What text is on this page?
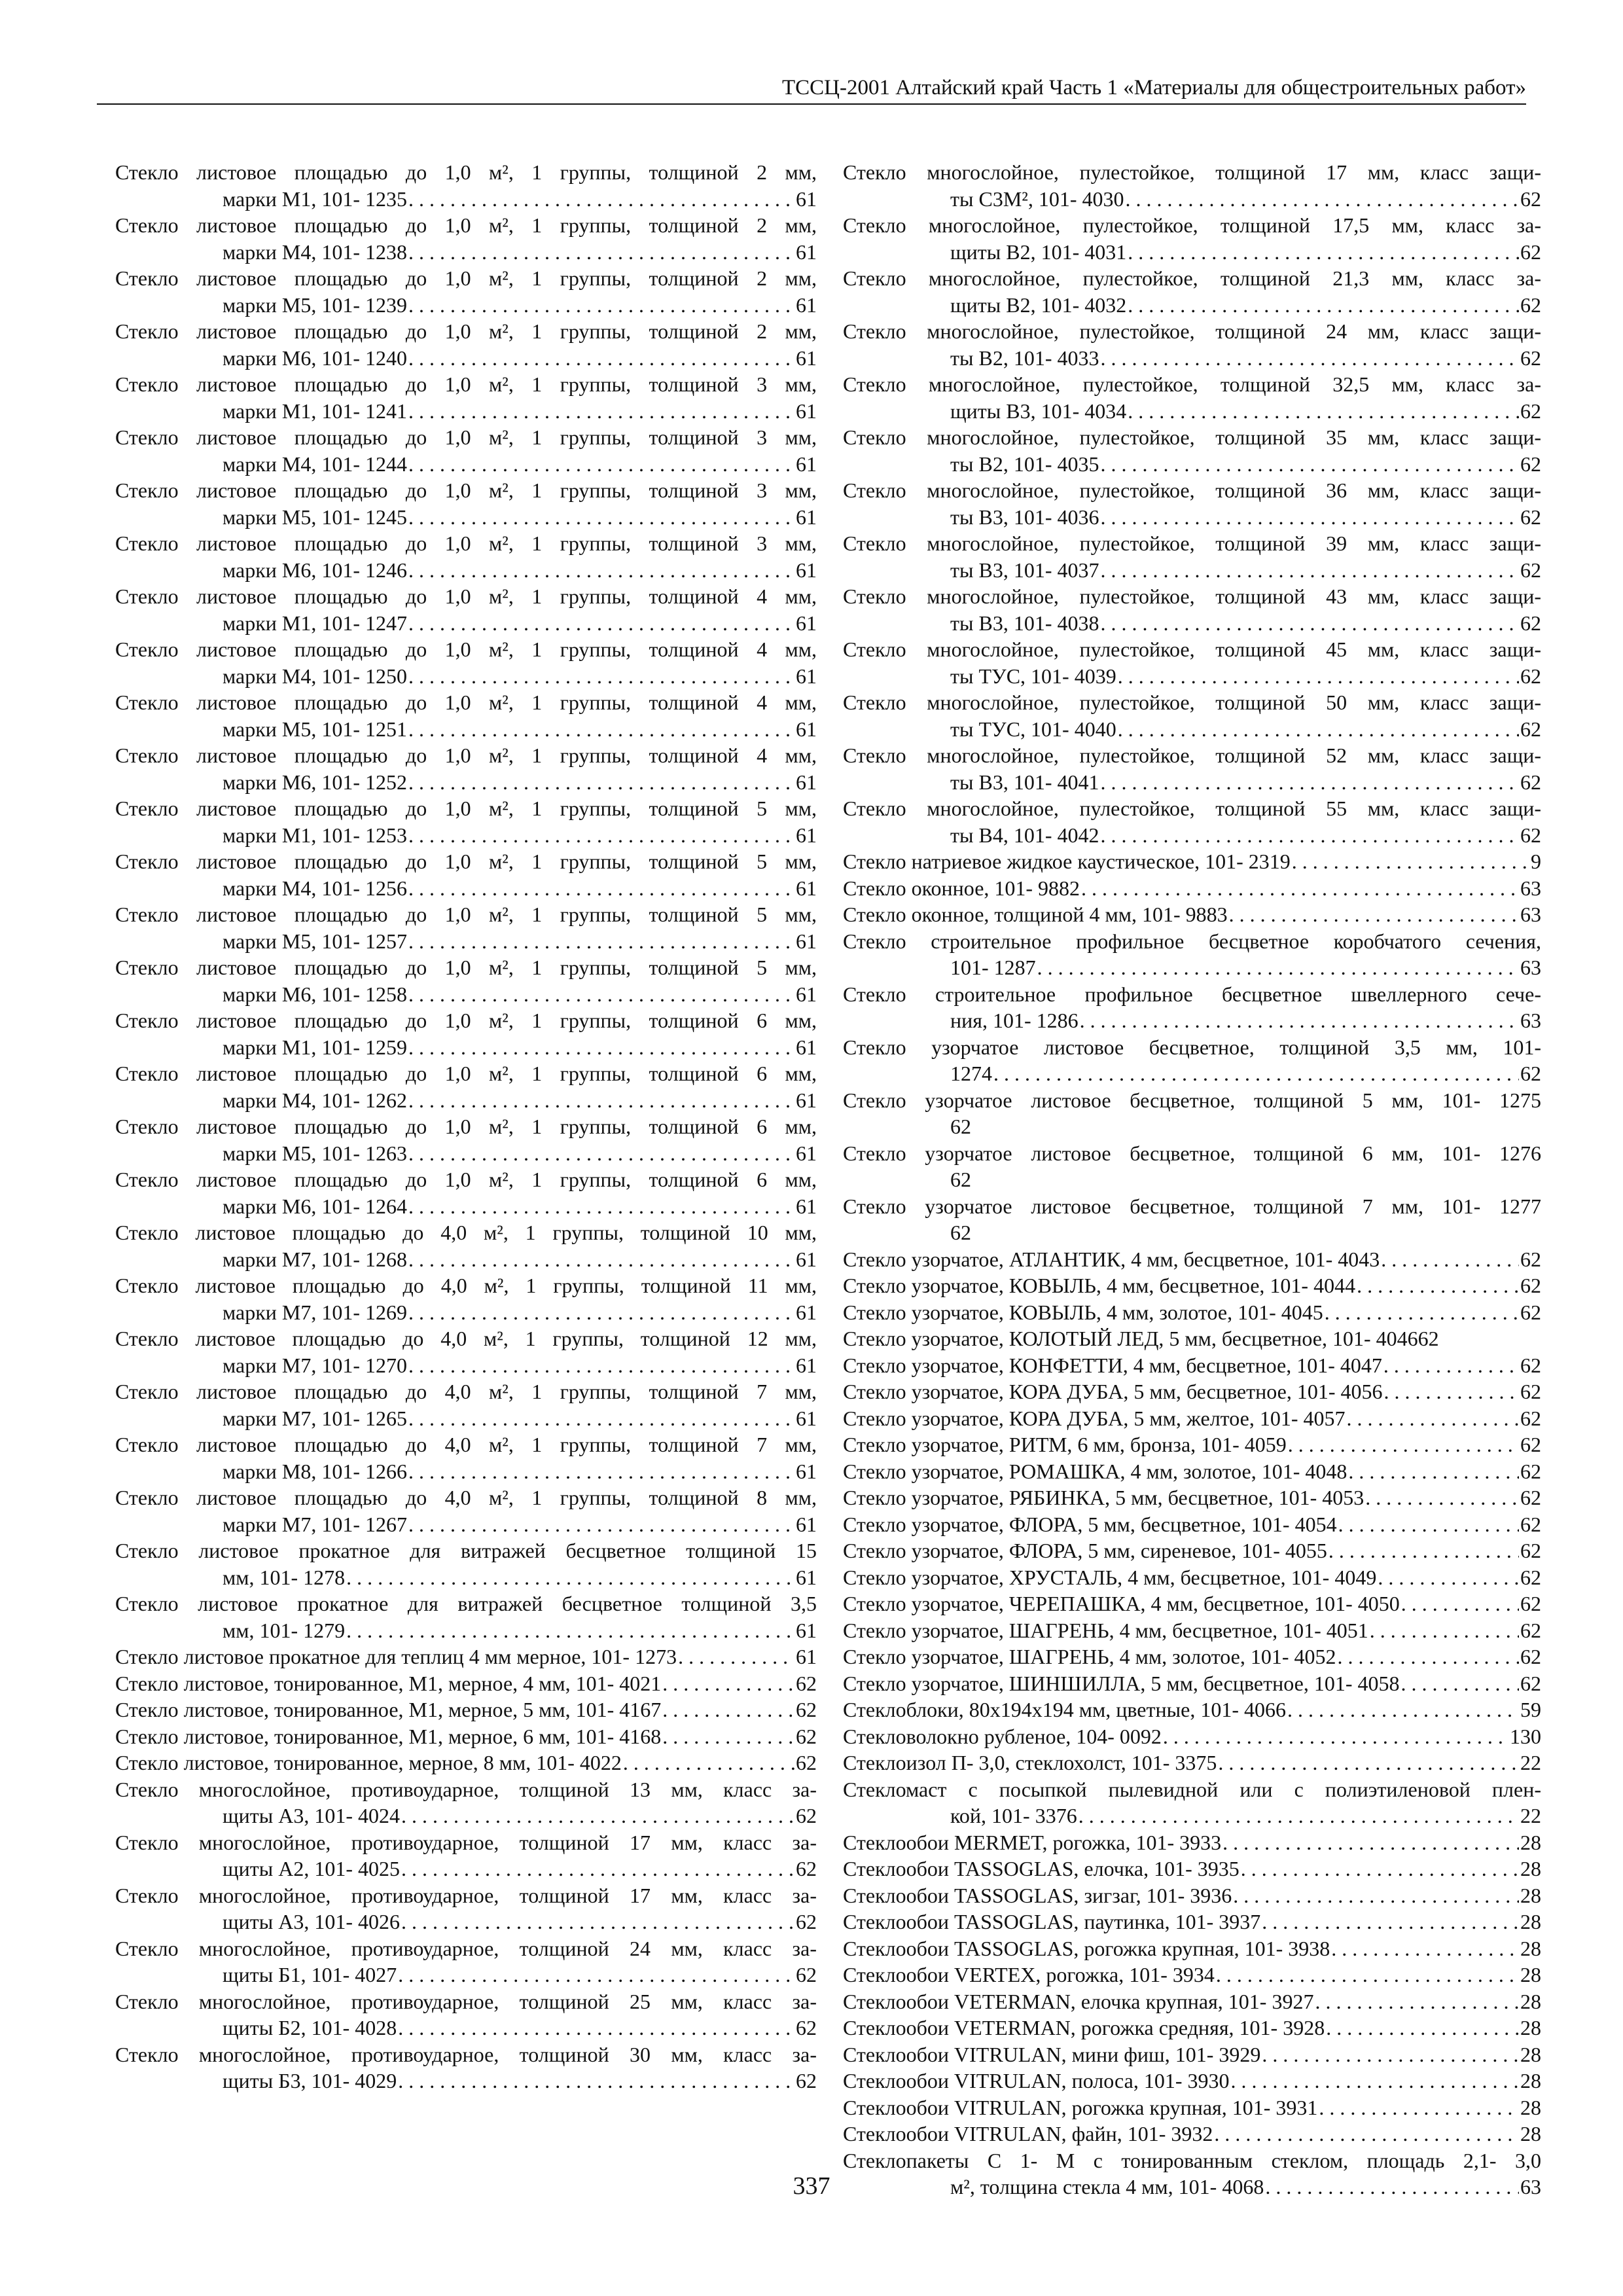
ТССЦ-2001 Алтайский край Часть 1 «Материалы для общестроительных работ»
Стекло листовое площадью до 1,0 м², 1 группы, толщиной 2 мм,
марки М1, 101- 1235 . . .	61
Стекло листовое площадью до 1,0 м², 1 группы, толщиной 2 мм,
марки М4, 101- 1238 . . .	61
Стекло листовое площадью до 1,0 м², 1 группы, толщиной 2 мм,
марки М5, 101- 1239 . . .	61
Стекло листовое площадью до 1,0 м², 1 группы, толщиной 2 мм,
марки М6, 101- 1240 . . .	61
Стекло листовое площадью до 1,0 м², 1 группы, толщиной 3 мм,
марки М1, 101- 1241 . . .	61
Стекло листовое площадью до 1,0 м², 1 группы, толщиной 3 мм,
марки М4, 101- 1244 . . .	61
Стекло листовое площадью до 1,0 м², 1 группы, толщиной 3 мм,
марки М5, 101- 1245 . . .	61
Стекло листовое площадью до 1,0 м², 1 группы, толщиной 3 мм,
марки М6, 101- 1246 . . .	61
Стекло листовое площадью до 1,0 м², 1 группы, толщиной 4 мм,
марки М1, 101- 1247 . . .	61
Стекло листовое площадью до 1,0 м², 1 группы, толщиной 4 мм,
марки М4, 101- 1250 . . .	61
Стекло листовое площадью до 1,0 м², 1 группы, толщиной 4 мм,
марки М5, 101- 1251 . . .	61
Стекло листовое площадью до 1,0 м², 1 группы, толщиной 4 мм,
марки М6, 101- 1252 . . .	61
Стекло листовое площадью до 1,0 м², 1 группы, толщиной 5 мм,
марки М1, 101- 1253 . . .	61
Стекло листовое площадью до 1,0 м², 1 группы, толщиной 5 мм,
марки М4, 101- 1256 . . .	61
Стекло листовое площадью до 1,0 м², 1 группы, толщиной 5 мм,
марки М5, 101- 1257 . . .	61
Стекло листовое площадью до 1,0 м², 1 группы, толщиной 5 мм,
марки М6, 101- 1258 . . .	61
Стекло листовое площадью до 1,0 м², 1 группы, толщиной 6 мм,
марки М1, 101- 1259 . . .	61
Стекло листовое площадью до 1,0 м², 1 группы, толщиной 6 мм,
марки М4, 101- 1262 . . .	61
Стекло листовое площадью до 1,0 м², 1 группы, толщиной 6 мм,
марки М5, 101- 1263 . . .	61
Стекло листовое площадью до 1,0 м², 1 группы, толщиной 6 мм,
марки М6, 101- 1264 . . .	61
Стекло листовое площадью до 4,0 м², 1 группы, толщиной 10 мм,
марки М7, 101- 1268 . . .	61
Стекло листовое площадью до 4,0 м², 1 группы, толщиной 11 мм,
марки М7, 101- 1269 . . .	61
Стекло листовое площадью до 4,0 м², 1 группы, толщиной 12 мм,
марки М7, 101- 1270 . . .	61
Стекло листовое площадью до 4,0 м², 1 группы, толщиной 7 мм,
марки М7, 101- 1265 . . .	61
Стекло листовое площадью до 4,0 м², 1 группы, толщиной 7 мм,
марки М8, 101- 1266 . . .	61
Стекло листовое площадью до 4,0 м², 1 группы, толщиной 8 мм,
марки М7, 101- 1267 . . .	61
Стекло листовое прокатное для витражей бесцветное толщиной 15
мм, 101- 1278 . . .	61
Стекло листовое прокатное для витражей бесцветное толщиной 3,5
мм, 101- 1279 . . .	61
Стекло листовое прокатное для теплиц 4 мм мерное, 101- 1273 . . .	61
Стекло листовое, тонированное, М1, мерное, 4 мм, 101- 4021 . . .	62
Стекло листовое, тонированное, М1, мерное, 5 мм, 101- 4167 . . .	62
Стекло листовое, тонированное, М1, мерное, 6 мм, 101- 4168 . . .	62
Стекло листовое, тонированное, мерное, 8 мм, 101- 4022 . . .	62
Стекло многослойное, противоударное, толщиной 13 мм, класс за-
щиты А3, 101- 4024 . . .	62
Стекло многослойное, противоударное, толщиной 17 мм, класс за-
щиты А2, 101- 4025 . . .	62
Стекло многослойное, противоударное, толщиной 17 мм, класс за-
щиты А3, 101- 4026 . . .	62
Стекло многослойное, противоударное, толщиной 24 мм, класс за-
щиты Б1, 101- 4027 . . .	62
Стекло многослойное, противоударное, толщиной 25 мм, класс за-
щиты Б2, 101- 4028 . . .	62
Стекло многослойное, противоударное, толщиной 30 мм, класс за-
щиты Б3, 101- 4029 . . .	62
Стекло многослойное, пулестойкое, толщиной 17 мм, класс защи-
ты С3М², 101- 4030 . . .	62
Стекло многослойное, пулестойкое, толщиной 17,5 мм, класс за-
щиты В2, 101- 4031 . . .	62
Стекло многослойное, пулестойкое, толщиной 21,3 мм, класс за-
щиты В2, 101- 4032 . . .	62
Стекло многослойное, пулестойкое, толщиной 24 мм, класс защи-
ты В2, 101- 4033 . . .	62
Стекло многослойное, пулестойкое, толщиной 32,5 мм, класс за-
щиты В3, 101- 4034 . . .	62
Стекло многослойное, пулестойкое, толщиной 35 мм, класс защи-
ты В2, 101- 4035 . . .	62
Стекло многослойное, пулестойкое, толщиной 36 мм, класс защи-
ты В3, 101- 4036 . . .	62
Стекло многослойное, пулестойкое, толщиной 39 мм, класс защи-
ты В3, 101- 4037 . . .	62
Стекло многослойное, пулестойкое, толщиной 43 мм, класс защи-
ты В3, 101- 4038 . . .	62
Стекло многослойное, пулестойкое, толщиной 45 мм, класс защи-
ты ТУС, 101- 4039 . . .	62
Стекло многослойное, пулестойкое, толщиной 50 мм, класс защи-
ты ТУС, 101- 4040 . . .	62
Стекло многослойное, пулестойкое, толщиной 52 мм, класс защи-
ты В3, 101- 4041 . . .	62
Стекло многослойное, пулестойкое, толщиной 55 мм, класс защи-
ты В4, 101- 4042 . . .	62
Стекло натриевое жидкое каустическое, 101- 2319 . . .	9
Стекло оконное, 101- 9882 . . .	63
Стекло оконное, толщиной 4 мм, 101- 9883 . . .	63
Стекло строительное профильное бесцветное коробчатого сечения,
101- 1287 . . .	63
Стекло строительное профильное бесцветное швеллерного сече-
ния, 101- 1286 . . .	63
Стекло узорчатое листовое бесцветное, толщиной 3,5 мм, 101-
1274 . . .	62
Стекло узорчатое листовое бесцветное, толщиной 5 мм, 101- 1275
62
Стекло узорчатое листовое бесцветное, толщиной 6 мм, 101- 1276
62
Стекло узорчатое листовое бесцветное, толщиной 7 мм, 101- 1277
62
Стекло узорчатое, АТЛАНТИК, 4 мм, бесцветное, 101- 4043 . . .	62
Стекло узорчатое, КОВЫЛЬ, 4 мм, бесцветное, 101- 4044 . . .	62
Стекло узорчатое, КОВЫЛЬ, 4 мм, золотое, 101- 4045 . . .	62
Стекло узорчатое, КОЛОТЫЙ ЛЕД, 5 мм, бесцветное, 101- 4046 62
Стекло узорчатое, КОНФЕТТИ, 4 мм, бесцветное, 101- 4047 . . .	62
Стекло узорчатое, КОРА ДУБА, 5 мм, бесцветное, 101- 4056 . . .	62
Стекло узорчатое, КОРА ДУБА, 5 мм, желтое, 101- 4057 . . .	62
Стекло узорчатое, РИТМ, 6 мм, бронза, 101- 4059 . . .	62
Стекло узорчатое, РОМАШКА, 4 мм, золотое, 101- 4048 . . .	62
Стекло узорчатое, РЯБИНКА, 5 мм, бесцветное, 101- 4053 . . .	62
Стекло узорчатое, ФЛОРА, 5 мм, бесцветное, 101- 4054 . . .	62
Стекло узорчатое, ФЛОРА, 5 мм, сиреневое, 101- 4055 . . .	62
Стекло узорчатое, ХРУСТАЛЬ, 4 мм, бесцветное, 101- 4049 . . .	62
Стекло узорчатое, ЧЕРЕПАШКА, 4 мм, бесцветное, 101- 4050 . . .	62
Стекло узорчатое, ШАГРЕНЬ, 4 мм, бесцветное, 101- 4051 . . .	62
Стекло узорчатое, ШАГРЕНЬ, 4 мм, золотое, 101- 4052 . . .	62
Стекло узорчатое, ШИНШИЛЛА, 5 мм, бесцветное, 101- 4058 . . .	62
Стеклоблоки, 80х194х194 мм, цветные, 101- 4066 . . .	59
Стекловолокно рубленое, 104- 0092 . . .	130
Стеклоизол П- 3,0, стеклохолст, 101- 3375 . . .	22
Стекломаст с посыпкой пылевидной или с полиэтиленовой плен-
кой, 101- 3376 . . .	22
Стеклообои MERMET, рогожка, 101- 3933 . . .	28
Стеклообои TASSOGLAS, елочка, 101- 3935 . . .	28
Стеклообои TASSOGLAS, зигзаг, 101- 3936 . . .	28
Стеклообои TASSOGLAS, паутинка, 101- 3937 . . .	28
Стеклообои TASSOGLAS, рогожка крупная, 101- 3938 . . .	28
Стеклообои VERTEX, рогожка, 101- 3934 . . .	28
Стеклообои VETERMAN, елочка крупная, 101- 3927 . . .	28
Стеклообои VETERMAN, рогожка средняя, 101- 3928 . . .	28
Стеклообои VITRULAN, мини фиш, 101- 3929 . . .	28
Стеклообои VITRULAN, полоса, 101- 3930 . . .	28
Стеклообои VITRULAN, рогожка крупная, 101- 3931 . . .	28
Стеклообои VITRULAN, файн, 101- 3932 . . .	28
Стеклопакеты С 1- М с тонированным стеклом, площадь 2,1- 3,0
м², толщина стекла 4 мм, 101- 4068 . . .	63
337
